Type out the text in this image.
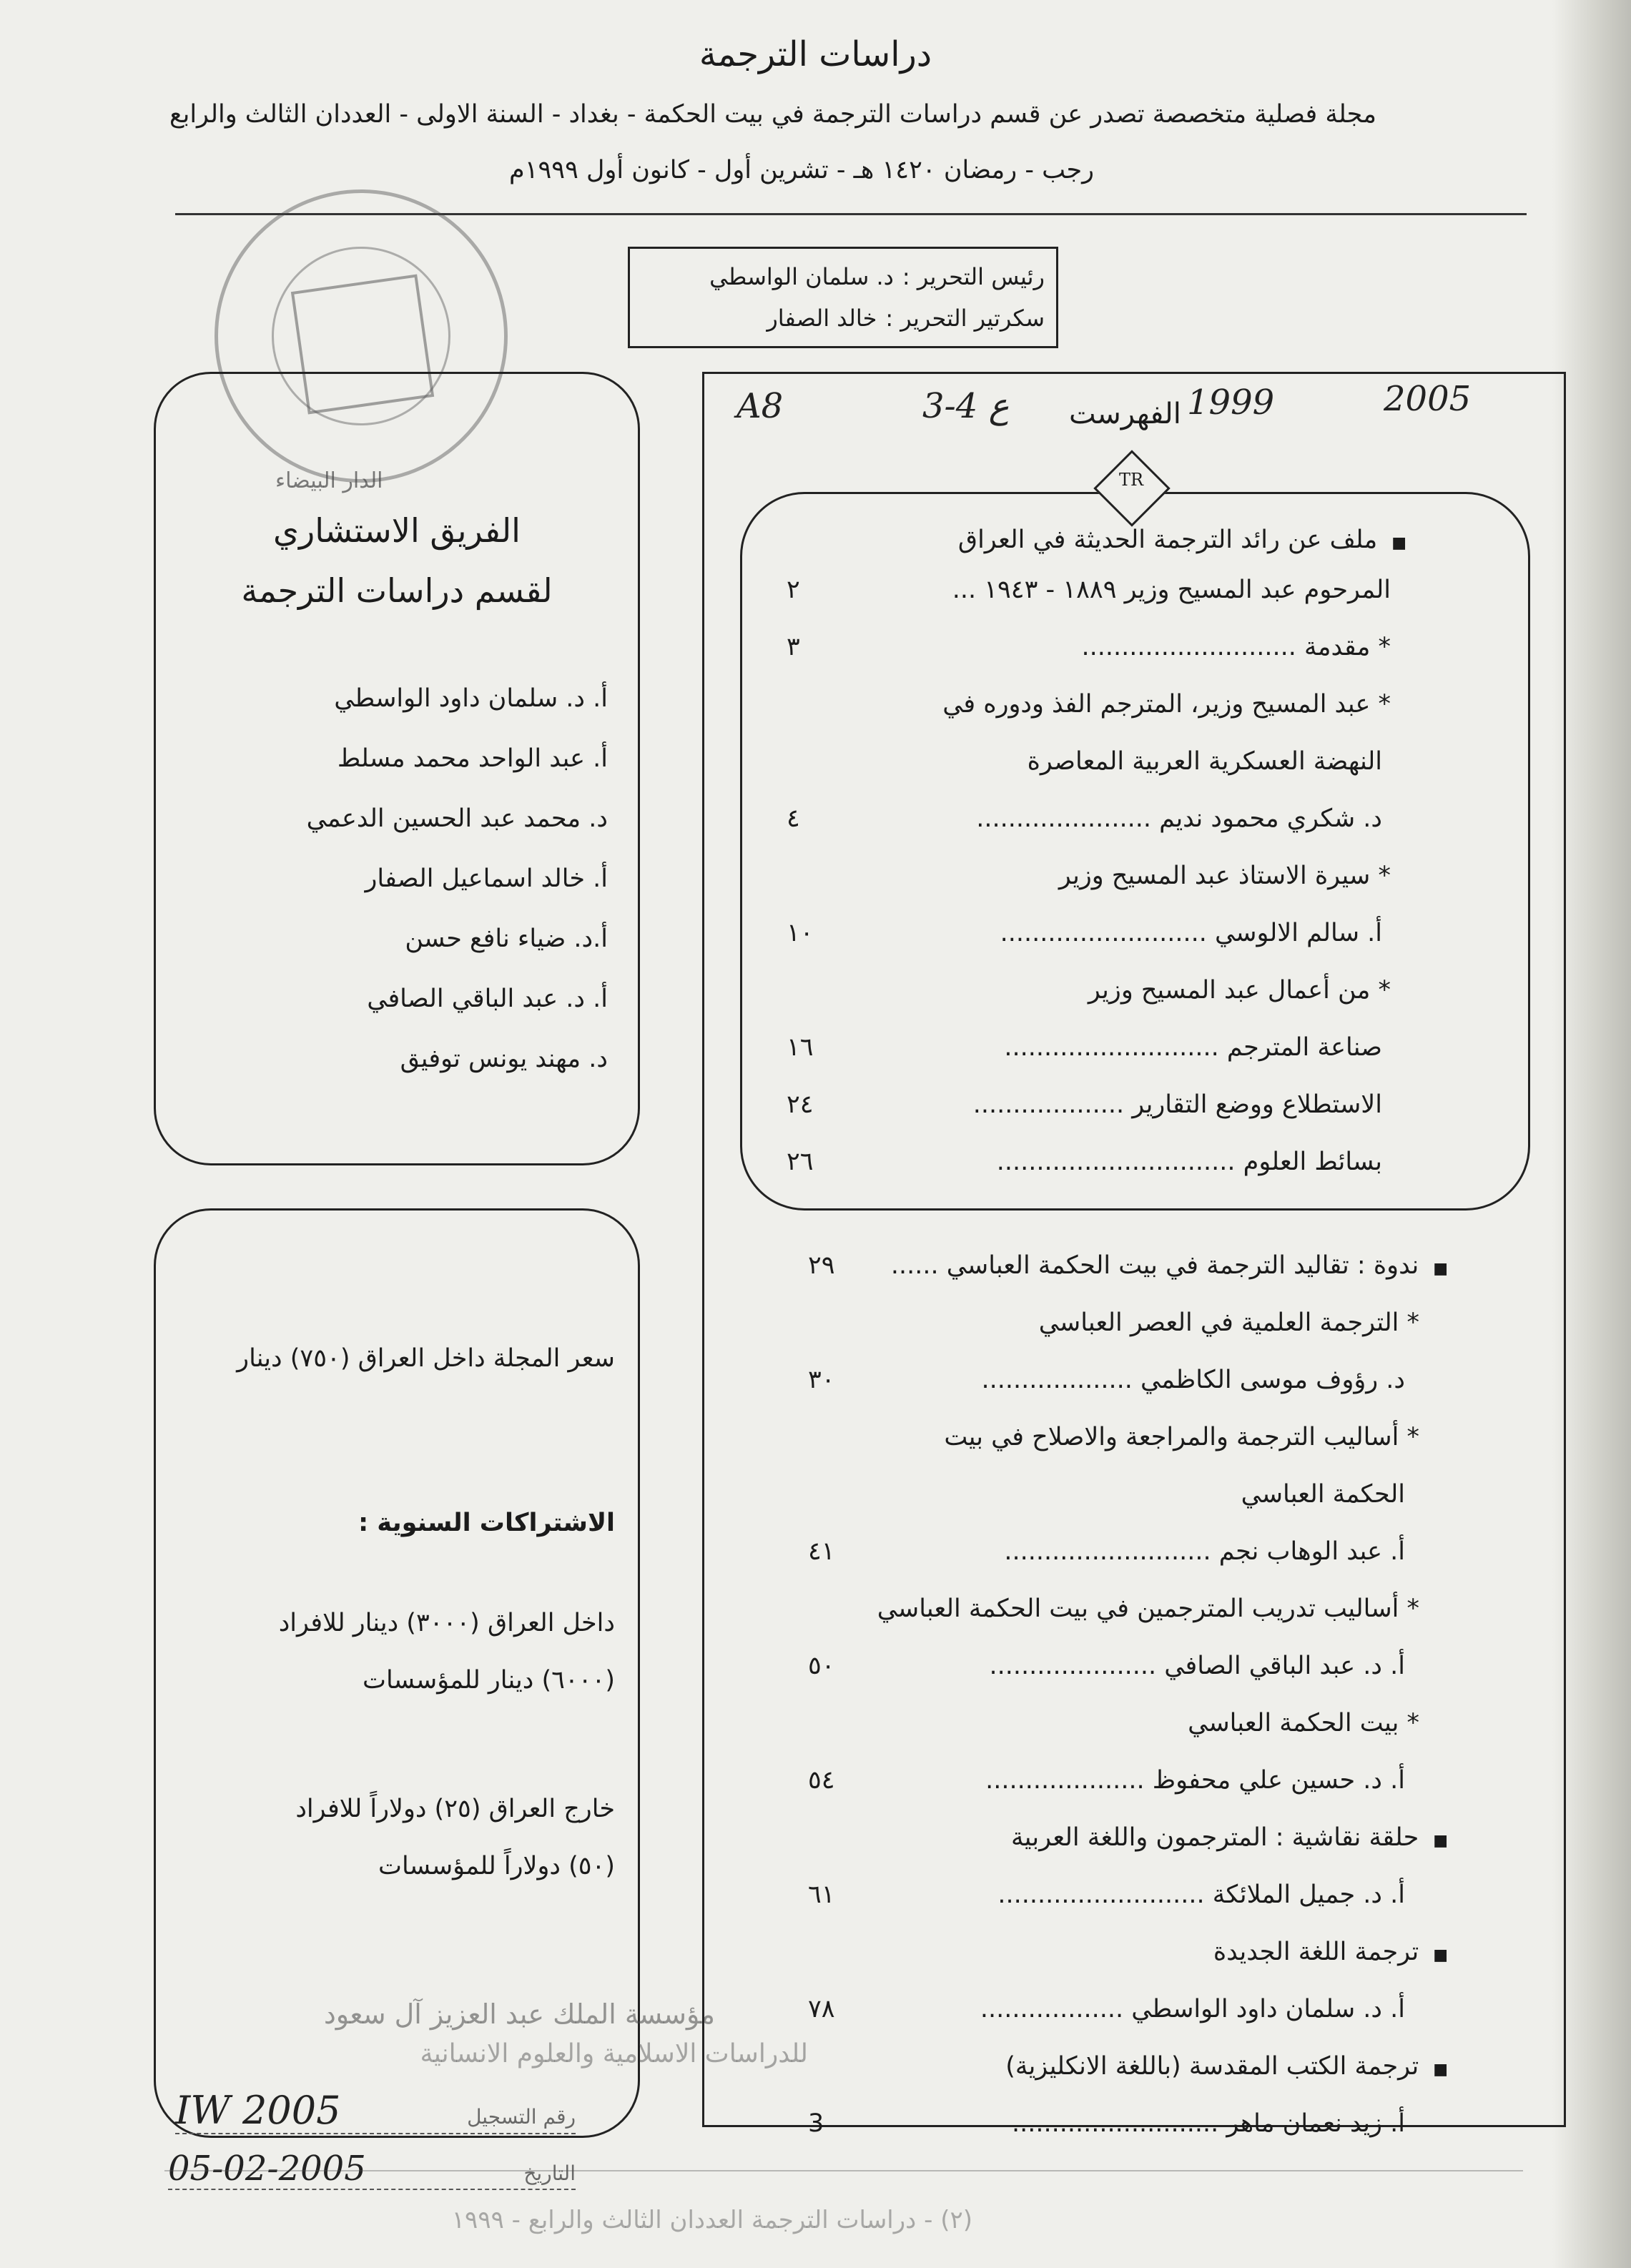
دراسات الترجمة
مجلة فصلية متخصصة تصدر عن قسم دراسات الترجمة في بيت الحكمة - بغداد - السنة الاولى - العددان الثالث والرابع
رجب - رمضان ١٤٢٠ هـ - تشرين أول - كانون أول ١٩٩٩م
رئيس التحرير :
د. سلمان الواسطي
سكرتير التحرير :
خالد الصفار
الدار البيضاء
الفريق الاستشاري
لقسم دراسات الترجمة
أ. د. سلمان داود الواسطي
أ. عبد الواحد محمد مسلط
د. محمد عبد الحسين الدعمي
أ. خالد اسماعيل الصفار
أ.د. ضياء نافع حسن
أ. د. عبد الباقي الصافي
د. مهند يونس توفيق
سعر المجلة داخل العراق (٧٥٠) دينار
الاشتراكات السنوية :
داخل العراق (٣٠٠٠) دينار للافراد
(٦٠٠٠) دينار للمؤسسات
خارج العراق (٢٥) دولاراً للافراد
(٥٠) دولاراً للمؤسسات
مؤسسة الملك عبد العزيز آل سعود
للدراسات الاسلامية والعلوم الانسانية
رقم التسجيل
IW 2005
التاريخ
05-02-2005
A8	ع 4-3 الفهرست 1999	2005
TR
■ملف عن رائد الترجمة الحديثة في العراق
المرحوم عبد المسيح وزير ١٨٨٩ - ١٩٤٣ ...
٢
* مقدمة ...........................
٣
* عبد المسيح وزير، المترجم الفذ ودوره في
النهضة العسكرية العربية المعاصرة
د. شكري محمود نديم ......................
٤
* سيرة الاستاذ عبد المسيح وزير
أ. سالم الالوسي ..........................
١٠
* من أعمال عبد المسيح وزير
صناعة المترجم ...........................
١٦
الاستطلاع ووضع التقارير ...................
٢٤
بسائط العلوم ..............................
٢٦
■ندوة : تقاليد الترجمة في بيت الحكمة العباسي ......
٢٩
* الترجمة العلمية في العصر العباسي
د. رؤوف موسى الكاظمي ...................
٣٠
* أساليب الترجمة والمراجعة والاصلاح في بيت
الحكمة العباسي
أ. عبد الوهاب نجم ..........................
٤١
* أساليب تدريب المترجمين في بيت الحكمة العباسي
أ. د. عبد الباقي الصافي .....................
٥٠
* بيت الحكمة العباسي
أ. د. حسين علي محفوظ ....................
٥٤
■حلقة نقاشية : المترجمون واللغة العربية
أ. د. جميل الملائكة ..........................
٦١
■ترجمة اللغة الجديدة
أ. د. سلمان داود الواسطي ..................
٧٨
■ترجمة الكتب المقدسة (باللغة الانكليزية)
أ. زيد نعمان ماهر ..........................
3
(٢) - دراسات الترجمة العددان الثالث والرابع - ١٩٩٩
